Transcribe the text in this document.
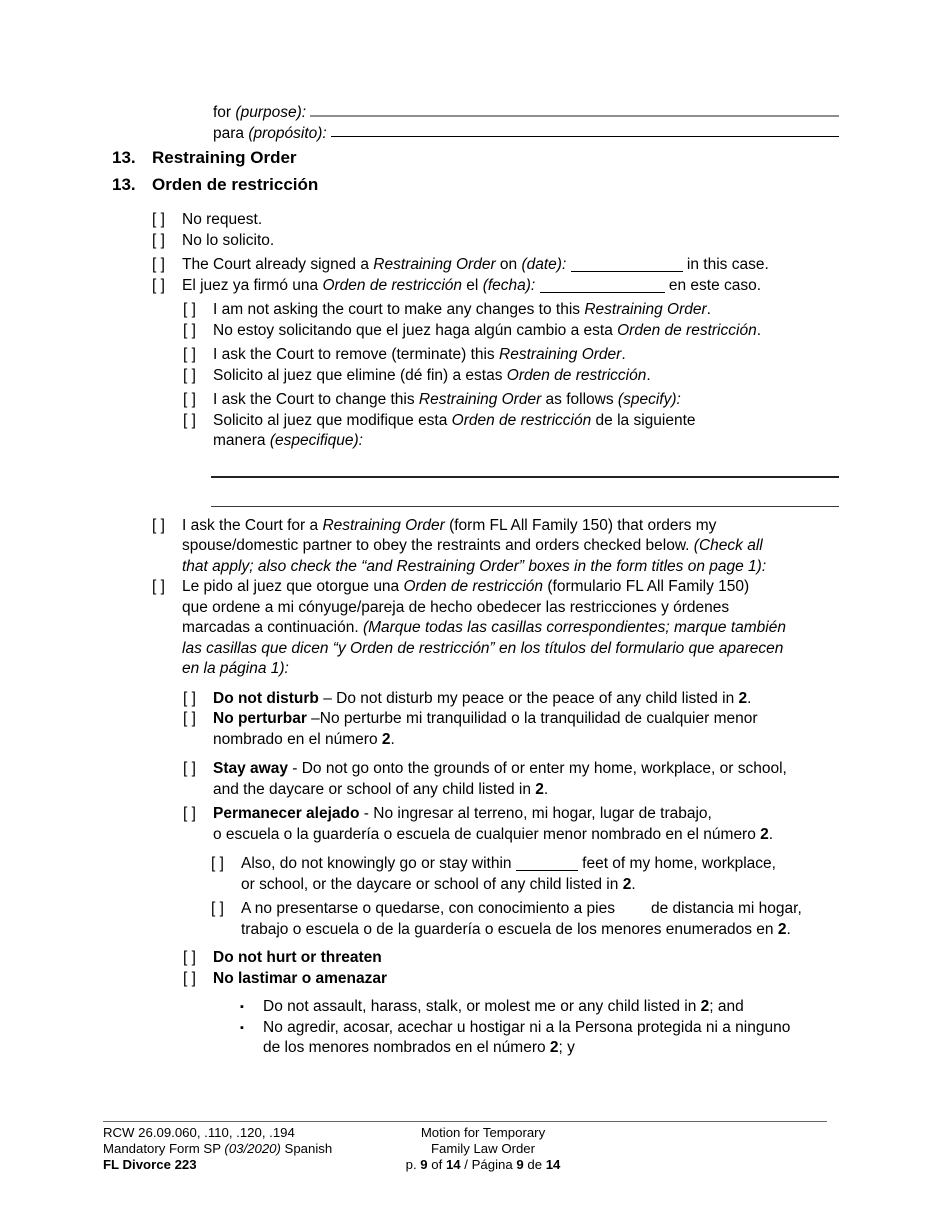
for (purpose):

para (propósito):

13. Restraining Order
13. Orden de restricción
[ ]	No request.
[ ]	No lo solicito.
[ ]	The Court already signed a Restraining Order on (date):	in this case.
[ ]	El juez ya firmó una Orden de restricción el (fecha):	en este caso.
[ ]	I am not asking the court to make any changes to this Restraining Order.
[ ]	No estoy solicitando que el juez haga algún cambio a esta Orden de restricción.
[ ]	I ask the Court to remove (terminate) this Restraining Order.
[ ]	Solicito al juez que elimine (dé fin) a estas Orden de restricción.
[ ]	I ask the Court to change this Restraining Order as follows (specify):
[ ]	Solicito al juez que modifique esta Orden de restricción de la siguiente
manera (especifique):
[ ]	I ask the Court for a Restraining Order (form FL All Family 150) that orders my
spouse/domestic partner to obey the restraints and orders checked below. (Check all
that apply; also check the “and Restraining Order” boxes in the form titles on page 1):
[ ]	Le pido al juez que otorgue una Orden de restricción (formulario FL All Family 150)
que ordene a mi cónyuge/pareja de hecho obedecer las restricciones y órdenes
marcadas a continuación. (Marque todas las casillas correspondientes; marque también
las casillas que dicen “y Orden de restricción” en los títulos del formulario que aparecen
en la página 1):
[ ]	Do not disturb – Do not disturb my peace or the peace of any child listed in 2.
[ ]	No perturbar –No perturbe mi tranquilidad o la tranquilidad de cualquier menor
nombrado en el número 2.
[ ]	Stay away - Do not go onto the grounds of or enter my home, workplace, or school,
and the daycare or school of any child listed in 2.
[ ]	Permanecer alejado - No ingresar al terreno, mi hogar, lugar de trabajo,
o escuela o la guardería o escuela de cualquier menor nombrado en el número 2.
[ ]	Also, do not knowingly go or stay within	feet of my home, workplace,
or school, or the daycare or school of any child listed in 2.
[ ]	A no presentarse o quedarse, con conocimiento a pies de distancia mi hogar,
trabajo o escuela o de la guardería o escuela de los menores enumerados en 2.
[ ]	Do not hurt or threaten
[ ]	No lastimar o amenazar
▪	Do not assault, harass, stalk, or molest me or any child listed in 2; and
▪	No agredir, acosar, acechar u hostigar ni a la Persona protegida ni a ninguno
de los menores nombrados en el número 2; y
RCW 26.09.060, .110, .120, .194
Mandatory Form SP (03/2020) Spanish
FL Divorce 223
Motion for Temporary
Family Law Order
p. 9 of 14 / Página 9 de 14
